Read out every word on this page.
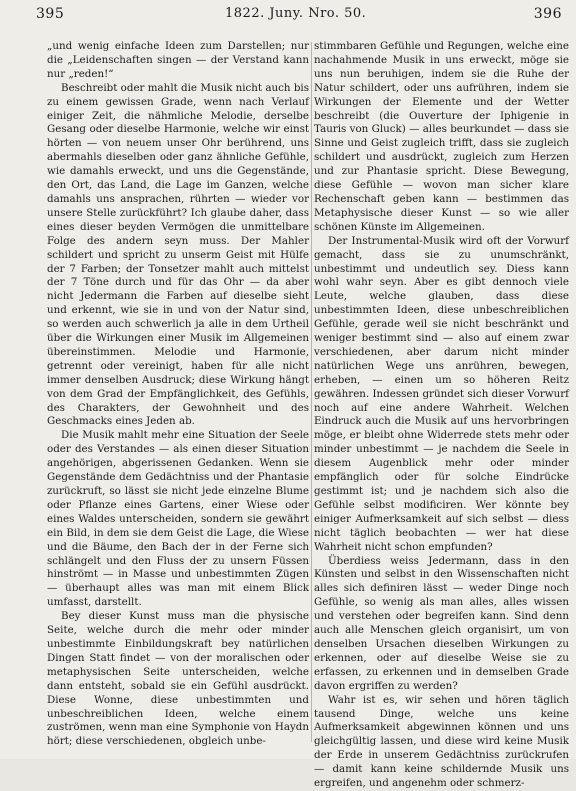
395	1822. Juny. Nro. 50.	396

„und wenig einfache Ideen zum Darstellen; nur die „Leidenschaften singen — der Verstand kann nur „reden!“

Beschreibt oder mahlt die Musik nicht auch bis zu einem gewissen Grade, wenn nach Verlauf einiger Zeit, die nähmliche Melodie, derselbe Gesang oder dieselbe Harmonie, welche wir einst hörten — von neuem unser Ohr berührend, uns abermahls dieselben oder ganz ähnliche Gefühle, wie damahls erweckt, und uns die Gegenstände, den Ort, das Land, die Lage im Ganzen, welche damahls uns ansprachen, rührten — wieder vor unsere Stelle zurückführt? Ich glaube daher, dass eines dieser beyden Vermögen die unmittelbare Folge des andern seyn muss. Der Mahler schildert und spricht zu unserm Geist mit Hülfe der 7 Farben; der Tonsetzer mahlt auch mittelst der 7 Töne durch und für das Ohr — da aber nicht Jedermann die Farben auf dieselbe sieht und erkennt, wie sie in und von der Natur sind, so werden auch schwerlich ja alle in dem Urtheil über die Wirkungen einer Musik im Allgemeinen übereinstimmen. Melodie und Harmonie, getrennt oder vereinigt, haben für alle nicht immer denselben Ausdruck; diese Wirkung hängt von dem Grad der Empfänglichkeit, des Gefühls, des Charakters, der Gewohnheit und des Geschmacks eines Jeden ab.

Die Musik mahlt mehr eine Situation der Seele oder des Verstandes — als einen dieser Situation angehörigen, abgerissenen Gedanken. Wenn sie Gegenstände dem Gedächtniss und der Phantasie zurückruft, so lässt sie nicht jede einzelne Blume oder Pflanze eines Gartens, einer Wiese oder eines Waldes unterscheiden, sondern sie gewährt ein Bild, in dem sie dem Geist die Lage, die Wiese und die Bäume, den Bach der in der Ferne sich schlängelt und den Fluss der zu unsern Füssen hinströmt — in Masse und unbestimmten Zügen — überhaupt alles was man mit einem Blick umfasst, darstellt.

Bey dieser Kunst muss man die physische Seite, welche durch die mehr oder minder unbestimmte Einbildungskraft bey natürlichen Dingen Statt findet — von der moralischen oder metaphysischen Seite unterscheiden, welche dann entsteht, sobald sie ein Gefühl ausdrückt. Diese Wonne, diese unbestimmten und unbeschreiblichen Ideen, welche einem zuströmen, wenn man eine Symphonie von Haydn hört; diese verschiedenen, obgleich unbe-

stimmbaren Gefühle und Regungen, welche eine nachahmende Musik in uns erweckt, möge sie uns nun beruhigen, indem sie die Ruhe der Natur schildert, oder uns aufrühren, indem sie Wirkungen der Elemente und der Wetter beschreibt (die Ouverture der Iphigenie in Tauris von Gluck) — alles beurkundet — dass sie Sinne und Geist zugleich trifft, dass sie zugleich schildert und ausdrückt, zugleich zum Herzen und zur Phantasie spricht. Diese Bewegung, diese Gefühle — wovon man sicher klare Rechenschaft geben kann — bestimmen das Metaphysische dieser Kunst — so wie aller schönen Künste im Allgemeinen.

Der Instrumental-Musik wird oft der Vorwurf gemacht, dass sie zu unumschränkt, unbestimmt und undeutlich sey. Diess kann wohl wahr seyn. Aber es gibt dennoch viele Leute, welche glauben, dass diese unbestimmten Ideen, diese unbeschreiblichen Gefühle, gerade weil sie nicht beschränkt und weniger bestimmt sind — also auf einem zwar verschiedenen, aber darum nicht minder natürlichen Wege uns anrühren, bewegen, erheben, — einen um so höheren Reitz gewähren. Indessen gründet sich dieser Vorwurf noch auf eine andere Wahrheit. Welchen Eindruck auch die Musik auf uns hervorbringen möge, er bleibt ohne Widerrede stets mehr oder minder unbestimmt — je nachdem die Seele in diesem Augenblick mehr oder minder empfänglich oder für solche Eindrücke gestimmt ist; und je nachdem sich also die Gefühle selbst modificiren. Wer könnte bey einiger Aufmerksamkeit auf sich selbst — diess nicht täglich beobachten — wer hat diese Wahrheit nicht schon empfunden?

Überdiess weiss Jedermann, dass in den Künsten und selbst in den Wissenschaften nicht alles sich definiren lässt — weder Dinge noch Gefühle, so wenig als man alles, alles wissen und verstehen oder begreifen kann. Sind denn auch alle Menschen gleich organisirt, um von denselben Ursachen dieselben Wirkungen zu erkennen, oder auf dieselbe Weise sie zu erfassen, zu erkennen und in demselben Grade davon ergriffen zu werden?

Wahr ist es, wir sehen und hören täglich tausend Dinge, welche uns keine Aufmerksamkeit abgewinnen können und uns gleichgültig lassen, und diese wird keine Musik der Erde in unserem Gedächtniss zurückrufen — damit kann keine schildernde Musik uns ergreifen, und angenehm oder schmerz-
